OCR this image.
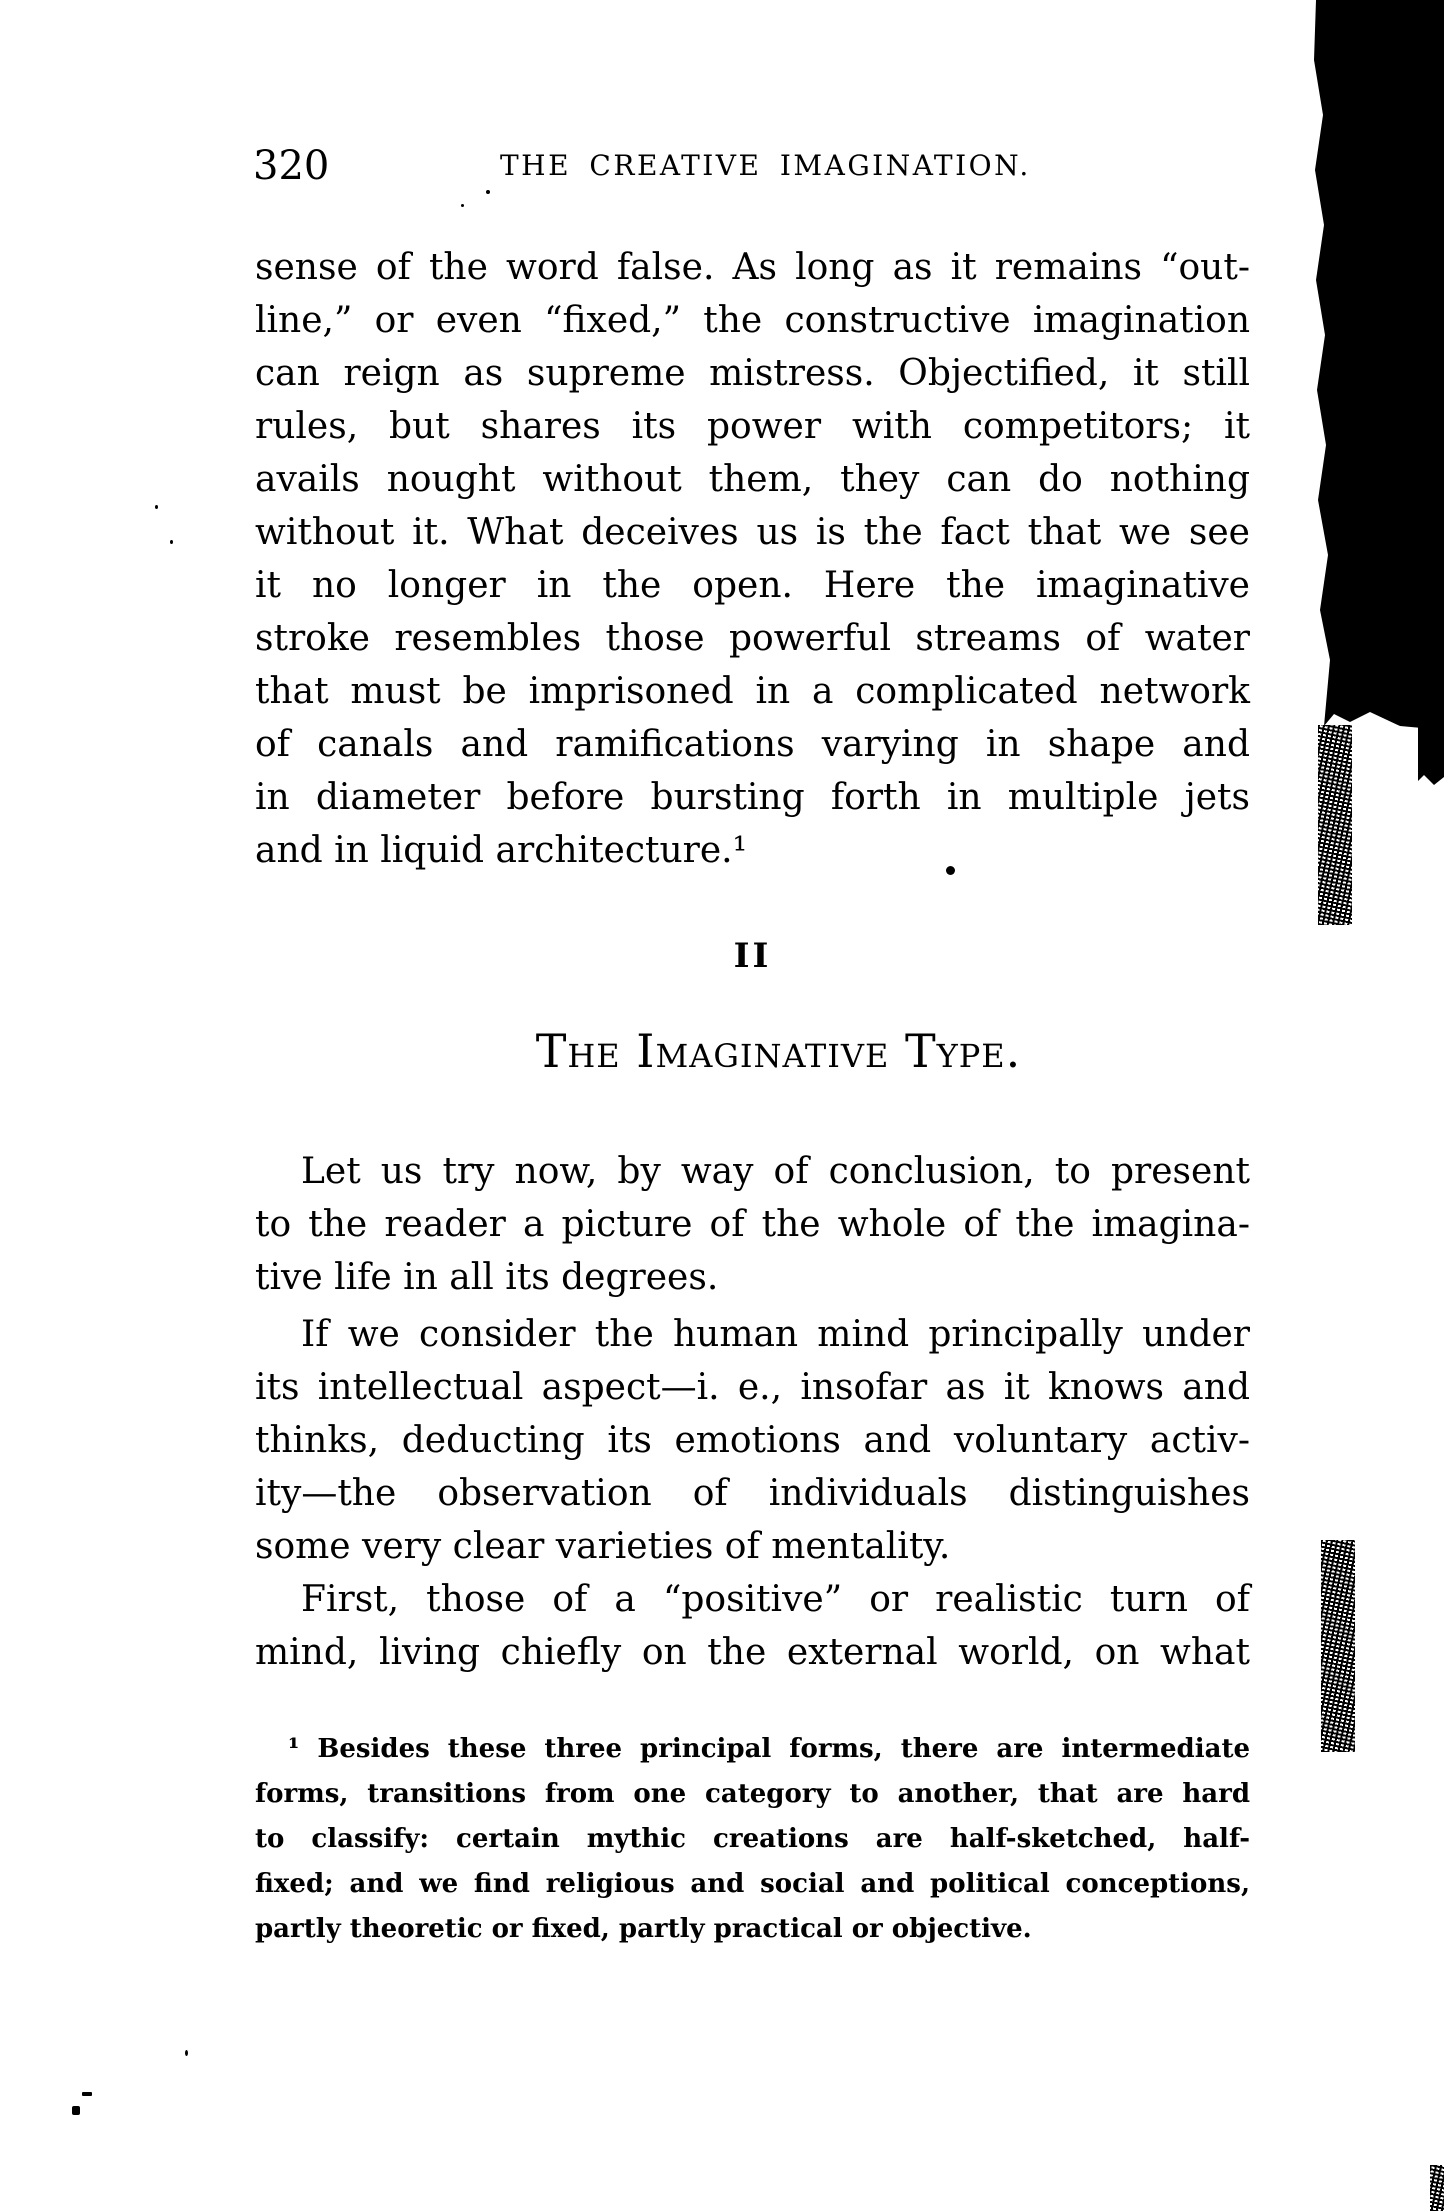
320	THE CREATIVE IMAGINATION.
sense of the word false. As long as it remains “out-
line,” or even “fixed,” the constructive imagination
can reign as supreme mistress. Objectified, it still
rules, but shares its power with competitors; it
avails nought without them, they can do nothing
without it. What deceives us is the fact that we see
it no longer in the open. Here the imaginative
stroke resembles those powerful streams of water
that must be imprisoned in a complicated network
of canals and ramifications varying in shape and
in diameter before bursting forth in multiple jets
and in liquid architecture.¹
II
The Imaginative Type.
Let us try now, by way of conclusion, to present
to the reader a picture of the whole of the imagina-
tive life in all its degrees.
If we consider the human mind principally under
its intellectual aspect—i. e., insofar as it knows and
thinks, deducting its emotions and voluntary activ-
ity—the observation of individuals distinguishes
some very clear varieties of mentality.
First, those of a “positive” or realistic turn of
mind, living chiefly on the external world, on what
¹ Besides these three principal forms, there are intermediate
forms, transitions from one category to another, that are hard
to classify: certain mythic creations are half-sketched, half-
fixed; and we find religious and social and political conceptions,
partly theoretic or fixed, partly practical or objective.
